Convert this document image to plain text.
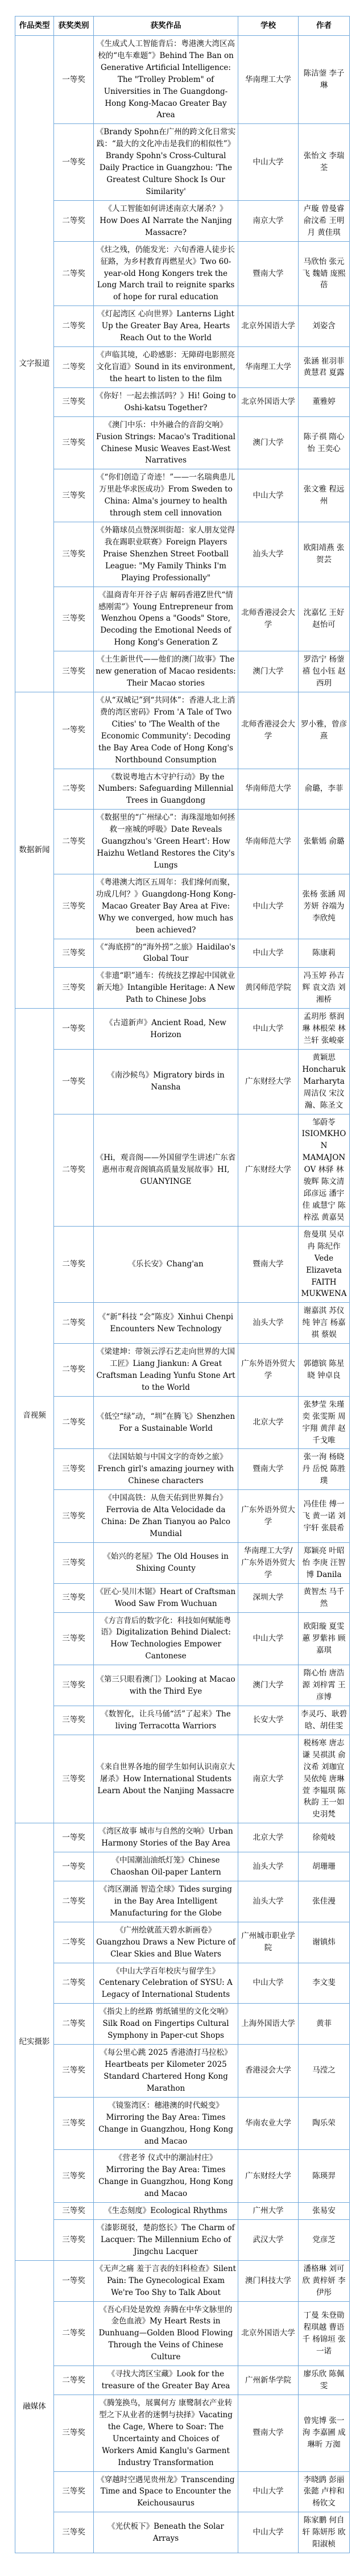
作品类型	获奖类别	获奖作品	学校	作者
文字报道	一等奖	《生成式人工智能背后：粤港澳大湾区高校的“电车难题”》Behind The Ban on Generative Artificial Intelligence: The "Trolley Problem" of Universities in The Guangdong-Hong Kong-Macao Greater Bay Area	华南理工大学	陈洁蓥 李子琳
	一等奖	《Brandy Spohn在广州的跨文化日常实践：“最大的文化冲击是我们的相似性”》Brandy Spohn's Cross-Cultural Daily Practice in Guangzhou: 'The Greatest Culture Shock Is Our Similarity'	中山大学	张怡文 李瑞荃
	二等奖	《人工智能如何讲述南京大屠杀？》How Does AI Narrate the Nanjing Massacre?	南京大学	卢璇 曾曼睿 俞汶希 王明月 黄佳琪
	二等奖	《炷之残，仍能发光：六旬香港人徒步长征路，为乡村教育再燃星火》Two 60-year-old Hong Kongers trek the Long March trail to reignite sparks of hope for rural education	暨南大学	马欣怡 张元飞 魏婧 庞熙蓓
	二等奖	《灯起湾区 心向世界》Lanterns Light Up the Greater Bay Area, Hearts Reach Out to the World	北京外国语大学	刘姿含
	二等奖	《声临其境，心聆感影：无障碍电影照亮文化盲道》Sound in its environment, the heart to listen to the film	华南理工大学	张涵 崔羽菲 黄慧君 夏露
	三等奖	《你好！一起去推活吗？》Hi! Going to Oshi-katsu Together?	北京外国语大学	董雅婷
	三等奖	《澳门中乐：中外融合的音韵交响》Fusion Strings: Macao's Traditional Chinese Music Weaves East-West Narratives	澳门大学	陈子祺 隋心怡 王奕心
	三等奖	《“你们创造了奇迹！”——一名瑞典患儿万里赴华求医成功》From Sweden to China: Alma's journey to health through stem cell innovation	中山大学	张文雅 程远州
	三等奖	《外籍球员点赞深圳街超：家人朋友觉得我在踢职业联赛》Foreign Players Praise Shenzhen Street Football League: "My Family Thinks I'm Playing Professionally"	汕头大学	欧阳靖燕 张贺芸
	三等奖	《温商青年开谷子店 解码香港Z世代“情感刚需”》Young Entrepreneur from Wenzhou Opens a "Goods" Store, Decoding the Emotional Needs of Hong Kong's Generation Z	北师香港浸会大学	沈嘉忆 王好 赵怡可
	三等奖	《土生新世代——他们的澳门故事》The new generation of Macao residents: Their Macao stories	澳门大学	罗浩宁 杨蓥禧 包小钰 赵西玥
数据新闻	一等奖	《从“双城记”到“共同体”：香港人北上消费的湾区密码》From 'A Tale of Two Cities' to 'The Wealth of the Economic Community': Decoding the Bay Area Code of Hong Kong's Northbound Consumption	北师香港浸会大学	罗小雅，曾彦熹
	二等奖	《数说粤地古木守护行动》By the Numbers: Safeguarding Millennial Trees in Guangdong	华南师范大学	俞璐，李菲
	二等奖	《数据里的“广州绿心”：海珠湿地如何拯救一座城的呼吸》Date Reveals Guangzhou's 'Green Heart': How Haizhu Wetland Restores the City's Lungs	华南师范大学	张紫嫣 俞璐
	三等奖	《粤港澳大湾区五周年：我们缘何而聚，功成几何？》Guangdong-Hong Kong-Macao Greater Bay Area at Five: Why we converged, how much has been achieved?	中山大学	张杨 张涵 周芳妍 谷端为 李欣纯
	三等奖	《“海底捞”的“海外捞”之旅》Haidilao's Global Tour	中山大学	陈康莉
	三等奖	《非遗“职”通车：传统技艺撑起中国就业新天地》Intangible Heritage: A New Path to Chinese Jobs	黄冈师范学院	冯玉婷 孙吉辉 袁文浩 刘湘桥
音视频	一等奖	《古道新声》Ancient Road, New Horizon	中山大学	孟玥彤 蔡润琳 林根荣 林兰轩 张峻豪
	一等奖	《南沙候鸟》Migratory birds in Nansha	广东财经大学	黄颖思 Honcharuk Marharyta 周洁仪 宋汶瀚、陈圣文
	二等奖	《Hi，观音阁——外国留学生讲述广东省惠州市观音阁镇高质量发展故事》HI, GUANYINGE	广东财经大学	邹蔚苓 ISIOMKHON MAMAJONOV 林驿 林骏辉 陈文清 邱彦远 潘宇佳 戚慧宁 陈梓泓 黄嘉昊
	二等奖	《乐长安》Chang'an	暨南大学	詹曼琪 吴卓冉 陈纪作 Vede Elizaveta FAITH MUKWENA
	二等奖	《“新”科技 “会”陈皮》Xinhui Chenpi Encounters New Technology	汕头大学	谢嘉淇 苏仪纯 钟言 杨嘉祺 蔡娱
	二等奖	《梁建坤：带领云浮石艺走向世界的大国工匠》Liang Jiankun: A Great Craftsman Leading Yunfu Stone Art to the World	广东外语外贸大学	郭德镔 陈星晓 钟卓良
	二等奖	《低空“绿”动，“圳”在腾飞》Shenzhen For a Sustainable World	北京大学	张梦莹 朱瑾奕 张雯斯 周宇翔 黄萍 赵千戈唯
	三等奖	《法国姑娘与中国文字的奇妙之旅》French girl's amazing journey with Chinese characters	暨南大学	张一洵 杨晓丹 岳悦 陈胜璞
	三等奖	《中国高铁：从詹天佑到世界舞台》Ferrovia de Alta Velocidade da China: De Zhan Tianyou ao Palco Mundial	广东外语外贸大学	冯佳佳 傅一飞 黄一诺 刘宇轩 张晨希
	三等奖	《始兴的老屋》The Old Houses in Shixing County	华南理工大学/广东外语外贸大学	郑颖亮 叶昭怡 李庚 汪智博 Danila
	三等奖	《匠心·吴川木锯》Heart of Craftsman Wood Saw From Wuchuan	深圳大学	黄智杰 马千然
	三等奖	《方言背后的数字化：科技如何赋能粤语》Digitalization Behind Dialect: How Technologies Empower Cantonese	中山大学	欧阳璇 夏雯蕙 罗紫祎 顾嘉琪
	三等奖	《第三只眼看澳门》Looking at Macao with the Third Eye	澳门大学	隋心怡 唐浩源 刘梓霄 王彦博
	三等奖	《数智化，让兵马俑“活”了起来》The living Terracotta Warriors	长安大学	李灵巧、耿碧晗、胡佳雯
	三等奖	《来自世界各地的留学生如何认识南京大屠杀》How International Students Learn About the Nanjing Massacre	南京大学	税杨寒 唐志谦 吴祺淇 俞汶希 刘珈宜 吴依纯 唐琳萱 李韫琪 陈秋韵 王一如 史羽梵
纪实摄影	一等奖	《湾区故事 城市与自然的交响》Urban Harmony Stories of the Bay Area	北京大学	徐菀岐
	一等奖	《中国潮汕油纸灯笼》Chinese Chaoshan Oil-paper Lantern	汕头大学	胡珊珊
	二等奖	《湾区潮涌 智造全球》Tides surging in the Bay Area Intelligent Manufacturing for the Globe	汕头大学	张佳漫
	二等奖	《广州绘就蓝天碧水新画卷》Guangzhou Draws a New Picture of Clear Skies and Blue Waters	广州城市职业学院	谢镇炜
	二等奖	《中山大学百年校庆与留学生》Centenary Celebration of SYSU: A Legacy of International Students	中山大学	李文斐
	二等奖	《指尖上的丝路 剪纸铺里的文化交响》Silk Road on Fingertips Cultural Symphony in Paper-cut Shops	上海外国语大学	黄菲
	三等奖	《每公里心跳 2025 香港渣打马拉松》Heartbeats per Kilometer 2025 Standard Chartered Hong Kong Marathon	香港浸会大学	马滢之
	三等奖	《镜鉴湾区：穗港澳的时代蜕变》Mirroring the Bay Area: Times Change in Guangzhou, Hong Kong and Macao	华南农业大学	陶乐荣
	三等奖	《营老爷 仪式中的潮汕村庄》Mirroring the Bay Area: Times Change in Guangzhou, Hong Kong and Macao	广东财经大学	陈瑛羿
	三等奖	《生态刻度》Ecological Rhythms	广州大学	张易安
	三等奖	《漆影斑驳，楚韵悠长》The Charm of Lacquer: The Millennium Echo of Jingchu Lacquer	武汉大学	党彦芝
融媒体	一等奖	《无声之痛 羞于言表的妇科检查》Silent Pain: The Gynecological Exam We're Too Shy to Talk About	澳门科技大学	潘格琳 刘可欣 黄梓妍 李伊彤
	二等奖	《吾心归处是敦煌 奔腾在中华文脉里的金色血液》My Heart Rests in Dunhuang—Golden Blood Flowing Through the Veins of Chinese Culture	北京外国语大学	丁曼 朱登勋 程琪越 曹语千 杨锦垣 张一诺
	二等奖	《寻找大湾区宝藏》Look for the treasure of the Greater Bay Area	广州新华学院	廖乐欣 陈佩雯
	三等奖	《腾笼换鸟，展翼何方 康鹭制衣产业转型之下从业者的迷惘与抉择》Vacating the Cage, Where to Soar: The Uncertainty and Choices of Workers Amid Kanglu's Garment Industry Transformation	暨南大学	曾宪博 张一洵 李嘉圃 成琳昕 万洳
	三等奖	《穿越时空遇见贵州龙》Transcending Time and Space to Encounter the Keichousaurus	中山大学	李晓鹍 彭丽 张懿 卢梓和 杨钦文
	三等奖	《光伏板下》Beneath the Solar Arrays	中山大学	陈家鹏 何自轩 陈妍彤 欧阳淑桢
